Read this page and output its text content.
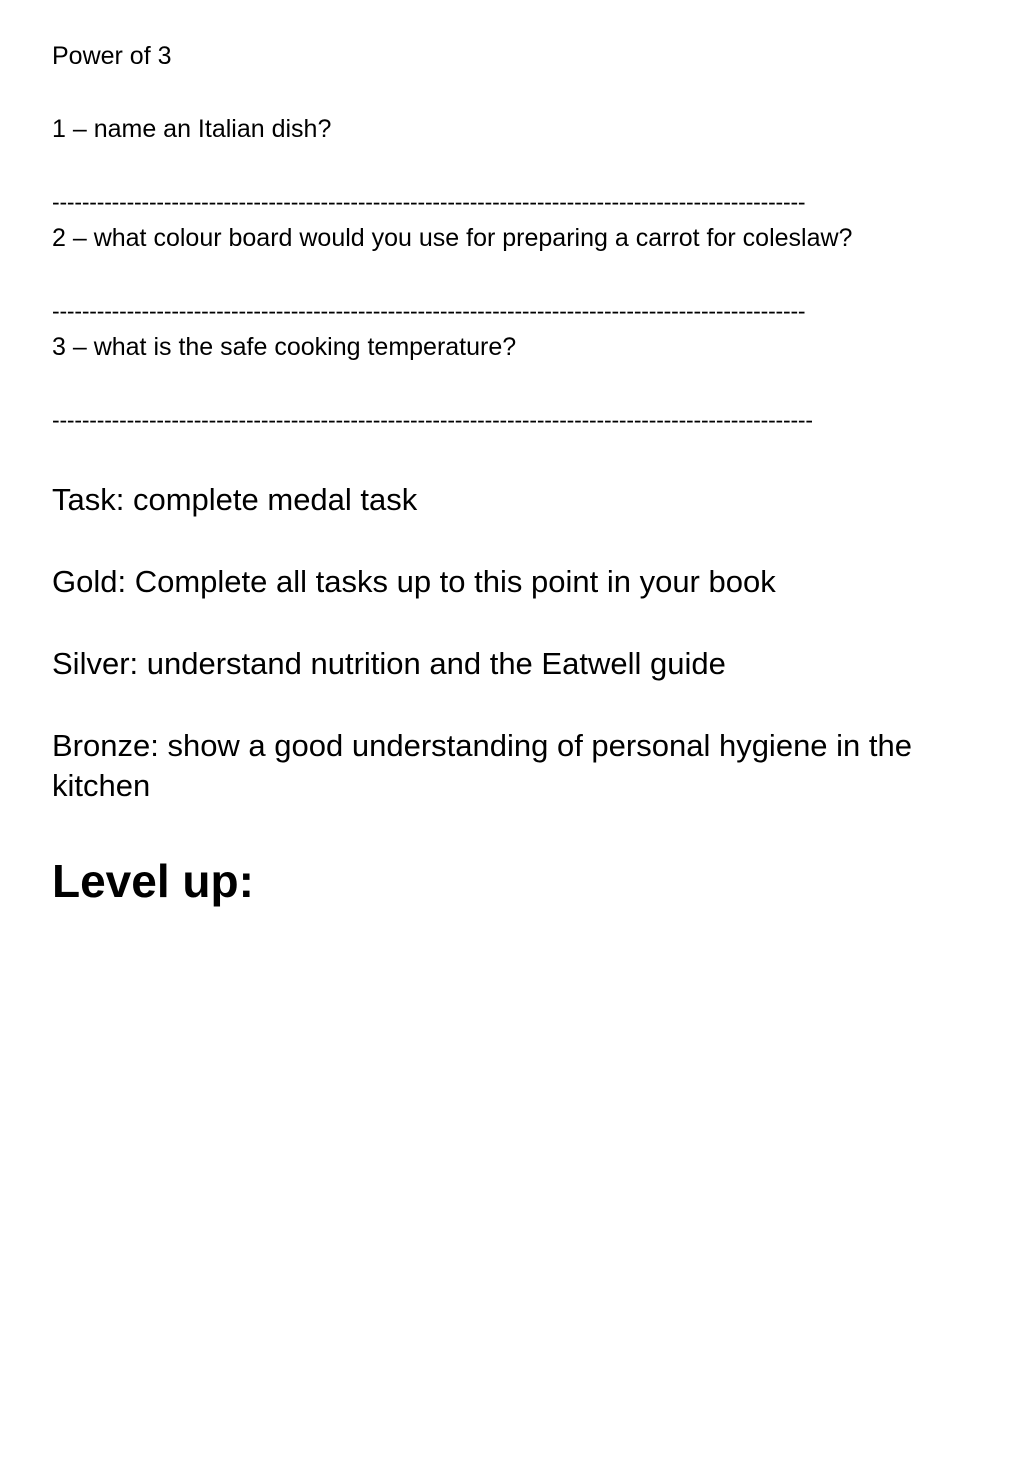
Power of 3

1 – name an Italian dish?

-----------------------------------------------------------------------------------------------------

2 – what colour board would you use for preparing a carrot for coleslaw?

-----------------------------------------------------------------------------------------------------

3 – what is the safe cooking temperature?

------------------------------------------------------------------------------------------------------

Task: complete medal task

Gold: Complete all tasks up to this point in your book

Silver: understand nutrition and the Eatwell guide

Bronze: show a good understanding of personal hygiene in the kitchen

Level up:
